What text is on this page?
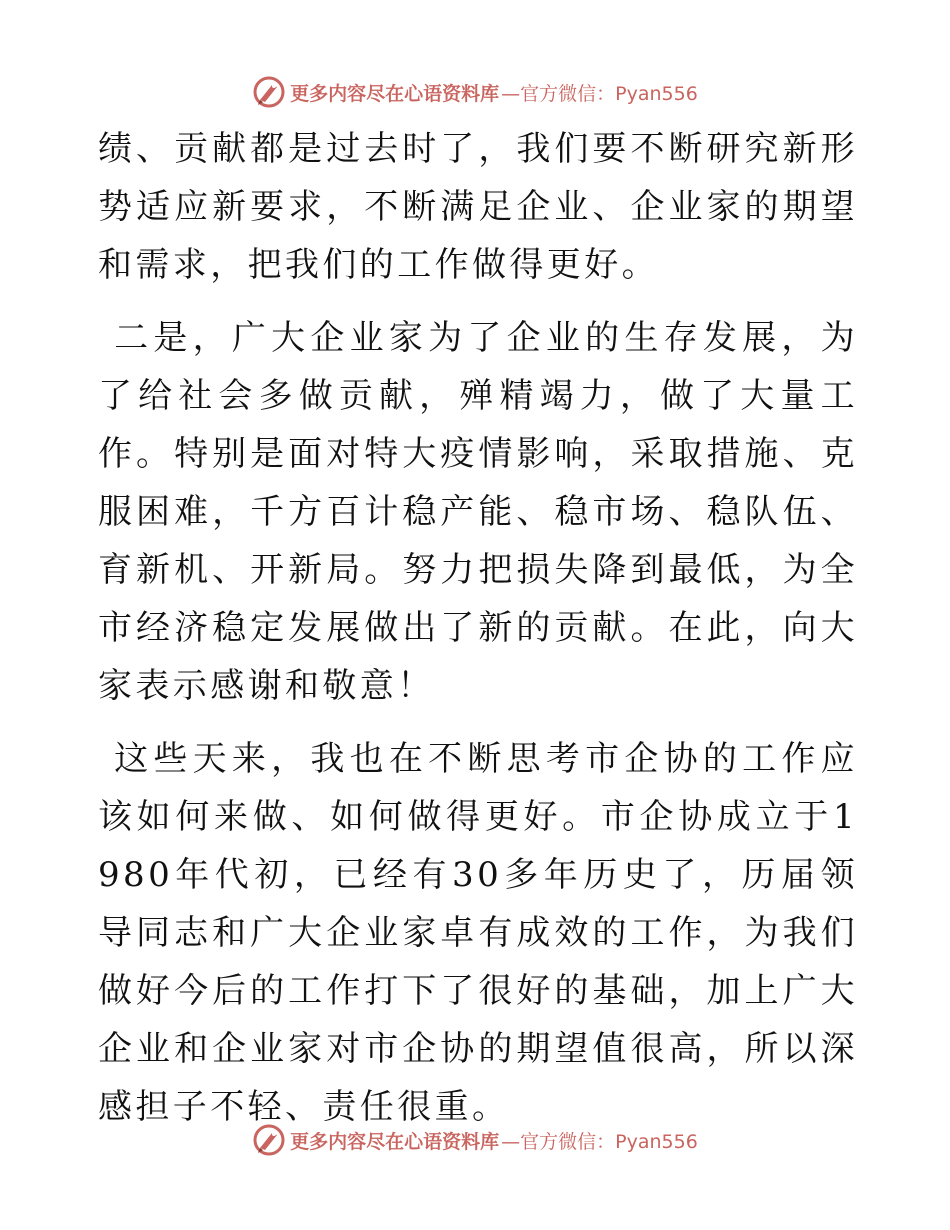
更多内容尽在心语资料库 —官方微信：Pyan556

绩、贡献都是过去时了，我们要不断研究新形势适应新要求，不断满足企业、企业家的期望和需求，把我们的工作做得更好。

二是，广大企业家为了企业的生存发展，为了给社会多做贡献，殚精竭力，做了大量工作。特别是面对特大疫情影响，采取措施、克服困难，千方百计稳产能、稳市场、稳队伍、育新机、开新局。努力把损失降到最低，为全市经济稳定发展做出了新的贡献。在此，向大家表示感谢和敬意！

这些天来，我也在不断思考市企协的工作应该如何来做、如何做得更好。市企协成立于1980年代初，已经有30多年历史了，历届领导同志和广大企业家卓有成效的工作，为我们做好今后的工作打下了很好的基础，加上广大企业和企业家对市企协的期望值很高，所以深感担子不轻、责任很重。

更多内容尽在心语资料库 —官方微信：Pyan556
